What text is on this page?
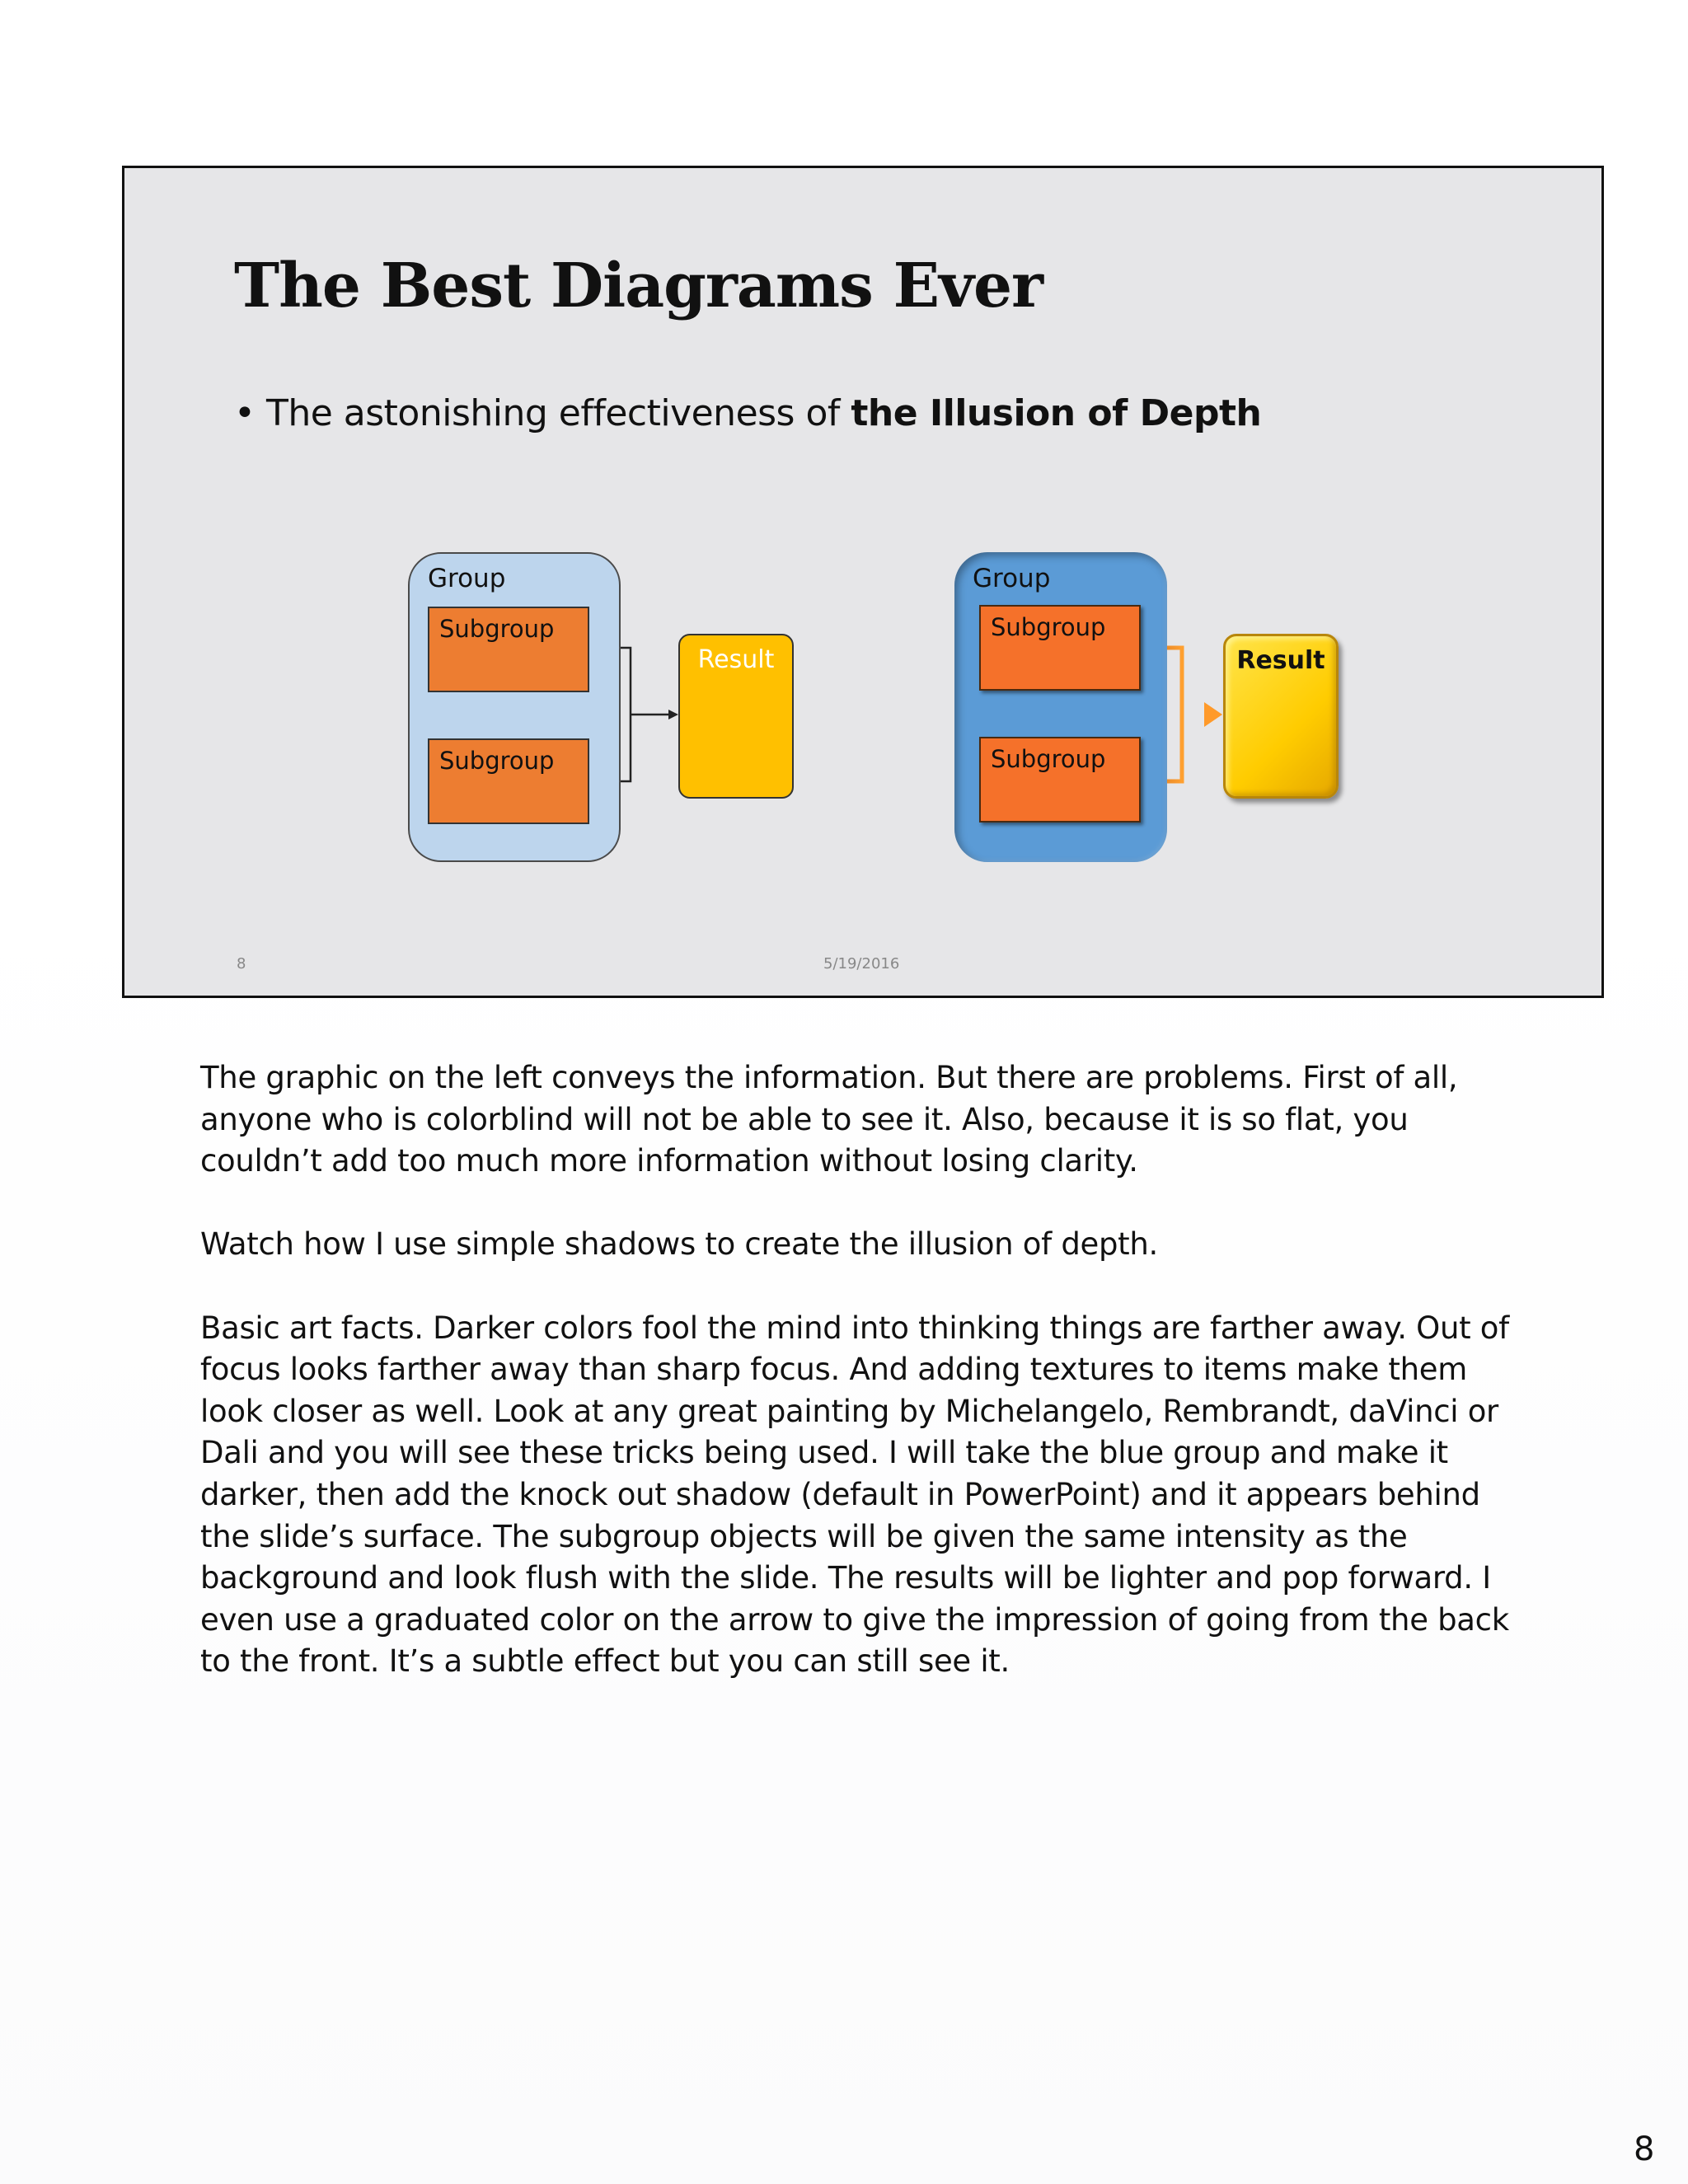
The Best Diagrams Ever
• The astonishing effectiveness of the Illusion of Depth
Group
Subgroup
Subgroup
Result
Group
Subgroup
Subgroup
Result
8	5/19/2016

The graphic on the left conveys the information. But there are problems. First of all, anyone who is colorblind will not be able to see it. Also, because it is so flat, you couldn’t add too much more information without losing clarity.

Watch how I use simple shadows to create the illusion of depth.

Basic art facts. Darker colors fool the mind into thinking things are farther away. Out of focus looks farther away than sharp focus. And adding textures to items make them look closer as well. Look at any great painting by Michelangelo, Rembrandt, daVinci or Dali and you will see these tricks being used. I will take the blue group and make it darker, then add the knock out shadow (default in PowerPoint) and it appears behind the slide’s surface. The subgroup objects will be given the same intensity as the background and look flush with the slide. The results will be lighter and pop forward. I even use a graduated color on the arrow to give the impression of going from the back to the front. It’s a subtle effect but you can still see it.

8
